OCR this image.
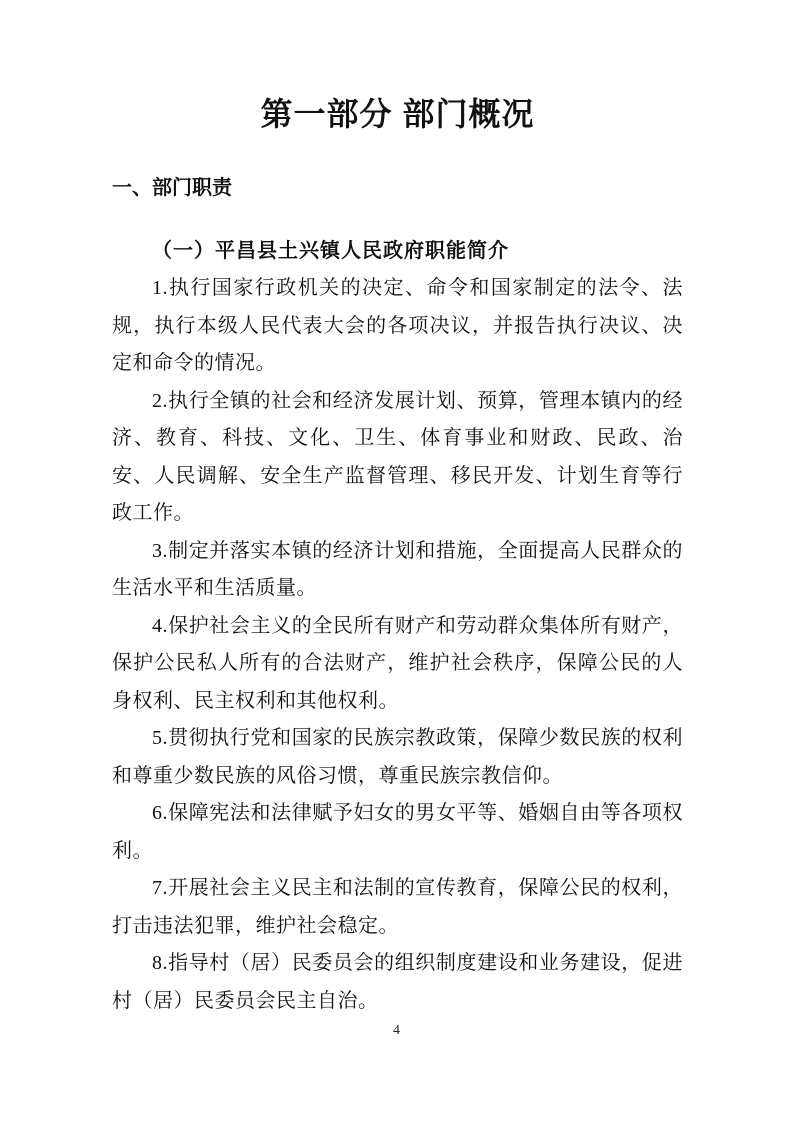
第一部分 部门概况
一、部门职责
（一）平昌县土兴镇人民政府职能简介

1.执行国家行政机关的决定、命令和国家制定的法令、法规，执行本级人民代表大会的各项决议，并报告执行决议、决定和命令的情况。

2.执行全镇的社会和经济发展计划、预算，管理本镇内的经济、教育、科技、文化、卫生、体育事业和财政、民政、治安、人民调解、安全生产监督管理、移民开发、计划生育等行政工作。

3.制定并落实本镇的经济计划和措施，全面提高人民群众的生活水平和生活质量。

4.保护社会主义的全民所有财产和劳动群众集体所有财产，保护公民私人所有的合法财产，维护社会秩序，保障公民的人身权利、民主权利和其他权利。

5.贯彻执行党和国家的民族宗教政策，保障少数民族的权利和尊重少数民族的风俗习惯，尊重民族宗教信仰。

6.保障宪法和法律赋予妇女的男女平等、婚姻自由等各项权利。

7.开展社会主义民主和法制的宣传教育，保障公民的权利，打击违法犯罪，维护社会稳定。

8.指导村（居）民委员会的组织制度建设和业务建设，促进村（居）民委员会民主自治。

4
